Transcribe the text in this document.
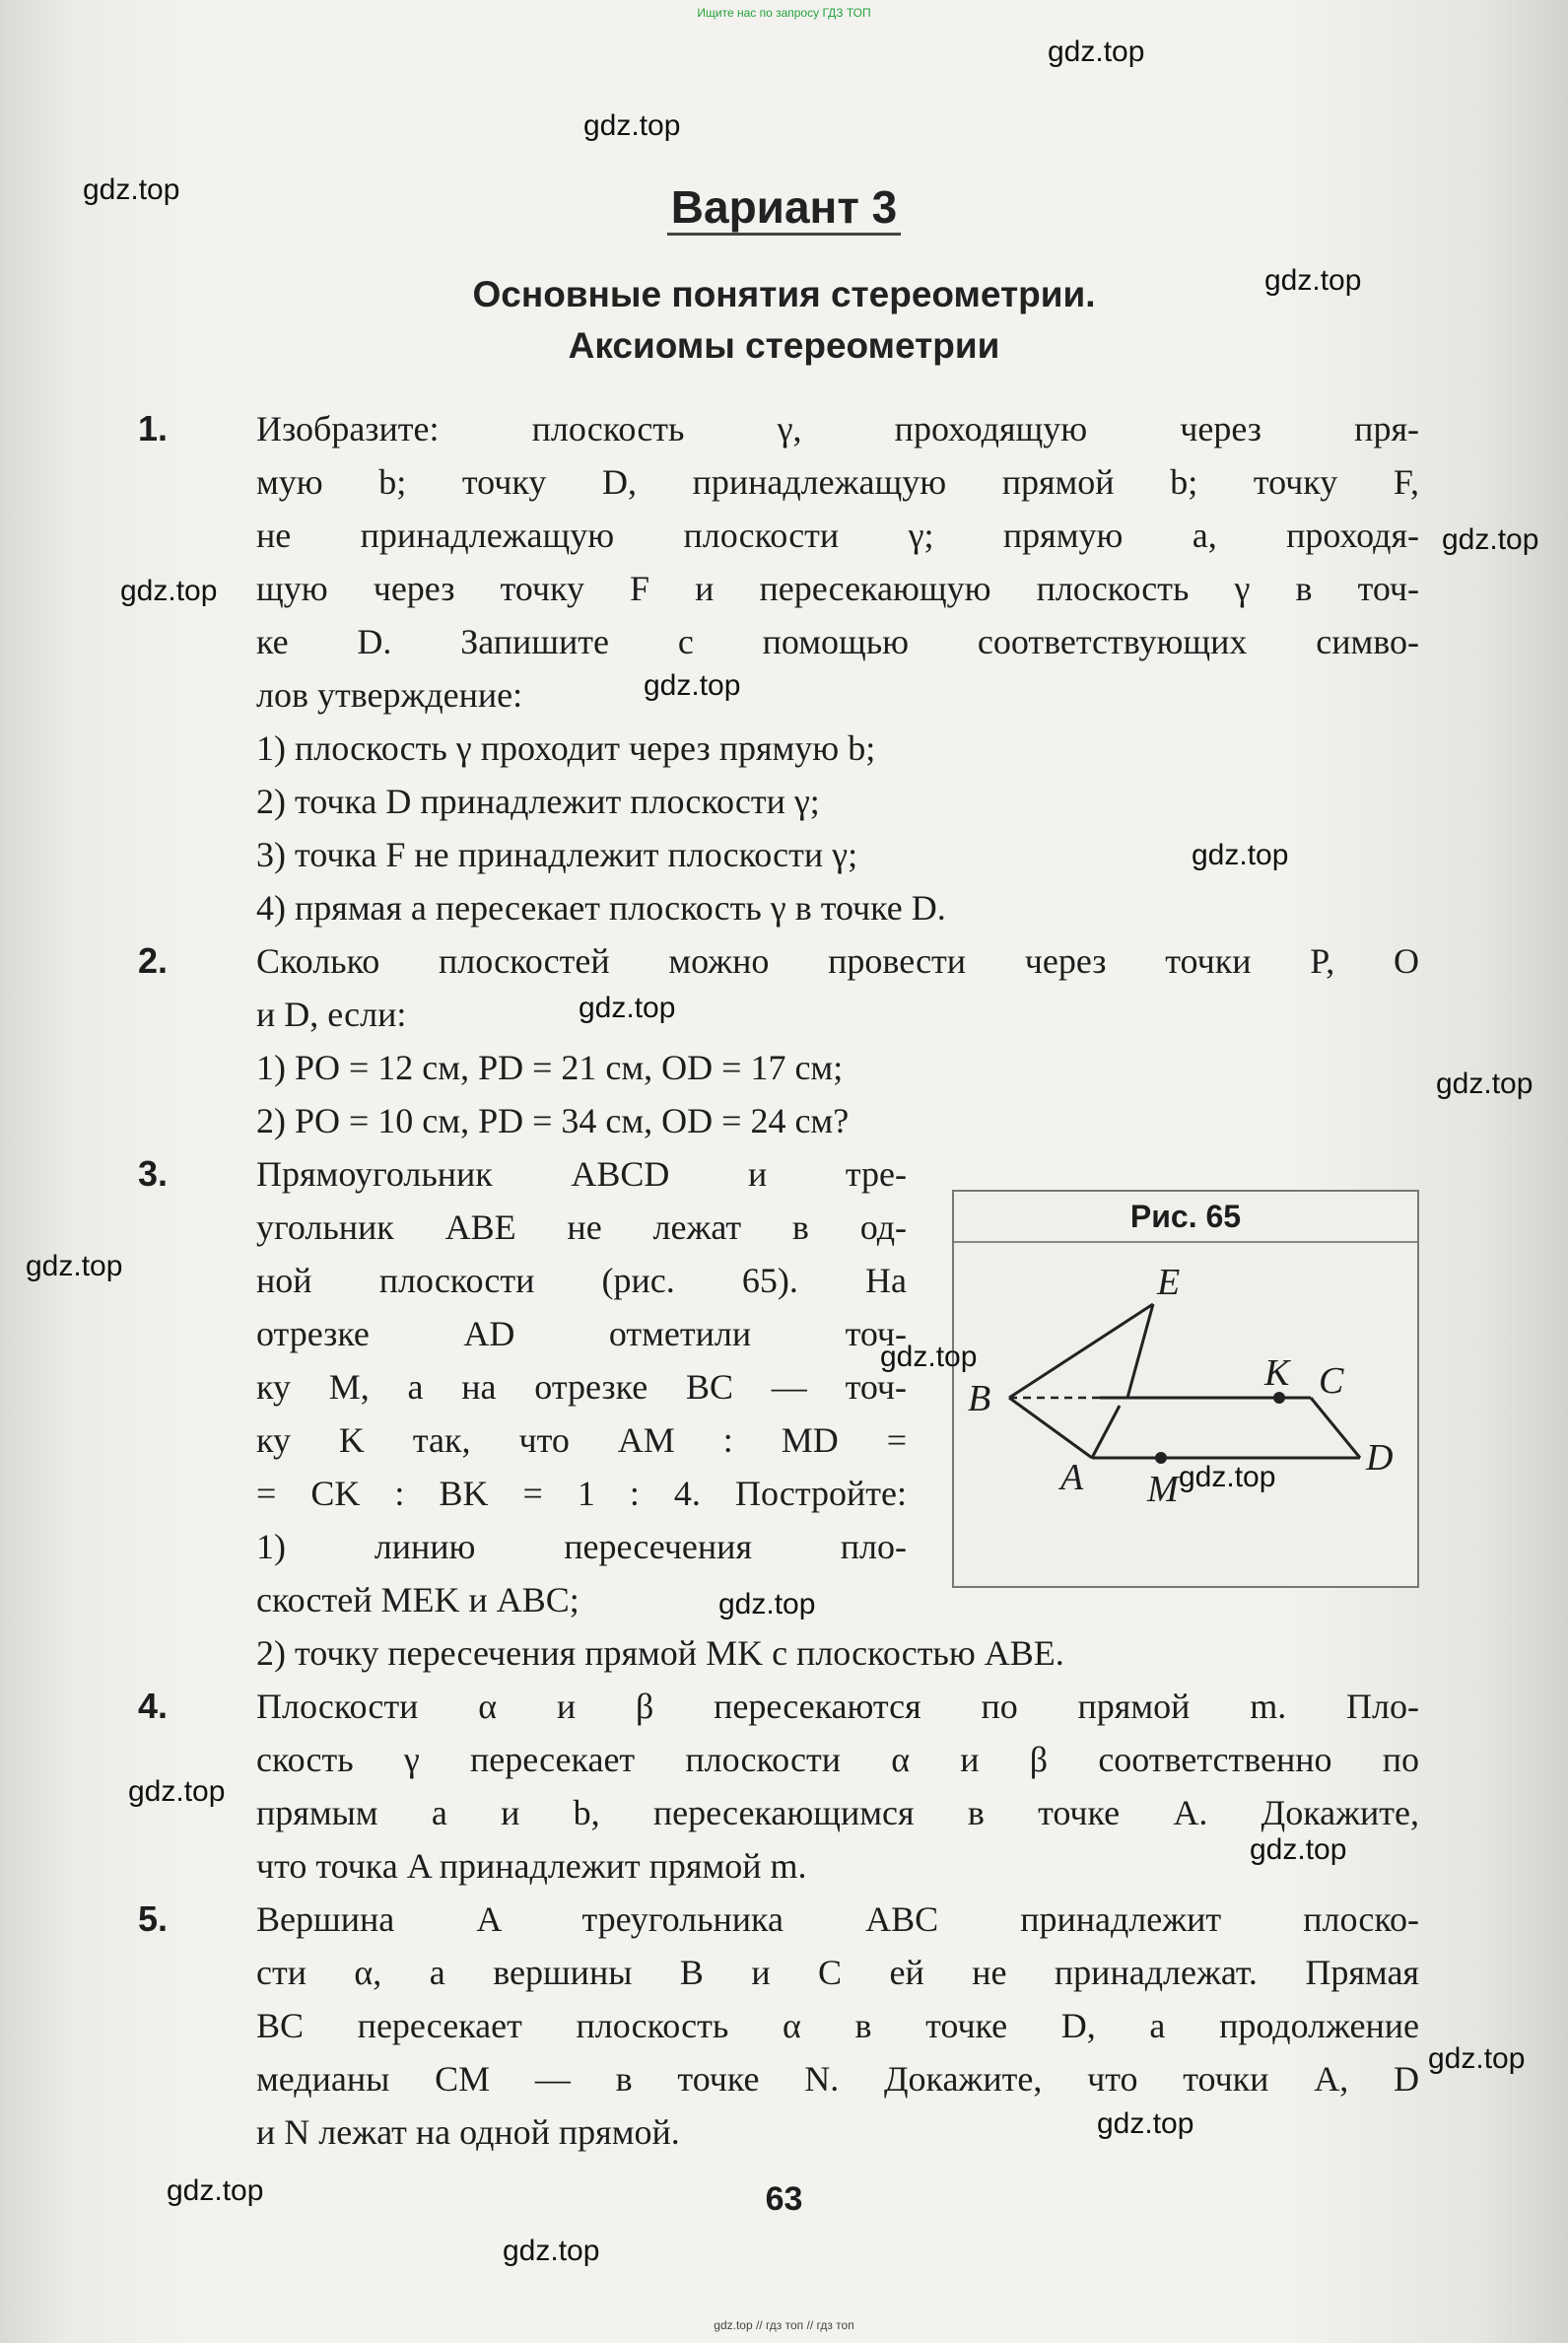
Ищите нас по запросу ГДЗ ТОП
Вариант 3
Основные понятия стереометрии.
Аксиомы стереометрии
1. Изобразите: плоскость γ, проходящую через пря-
мую b; точку D, принадлежащую прямой b; точку F,
не принадлежащую плоскости γ; прямую a, проходя-
щую через точку F и пересекающую плоскость γ в точ-
ке D. Запишите с помощью соответствующих симво-
лов утверждение:
1) плоскость γ проходит через прямую b;
2) точка D принадлежит плоскости γ;
3) точка F не принадлежит плоскости γ;
4) прямая a пересекает плоскость γ в точке D.
2. Сколько плоскостей можно провести через точки P, O
и D, если:
1) PO = 12 см, PD = 21 см, OD = 17 см;
2) PO = 10 см, PD = 34 см, OD = 24 см?
3. Прямоугольник ABCD и тре-
угольник ABE не лежат в од-
ной плоскости (рис. 65). На
отрезке AD отметили точ-
ку M, а на отрезке BC — точ-
ку K так, что AM : MD =
= CK : BK = 1 : 4. Постройте:
1) линию пересечения пло-
скостей MEK и ABC;
2) точку пересечения прямой MK с плоскостью ABE.
4. Плоскости α и β пересекаются по прямой m. Пло-
скость γ пересекает плоскости α и β соответственно по
прямым a и b, пересекающимся в точке A. Докажите,
что точка A принадлежит прямой m.
5. Вершина A треугольника ABC принадлежит плоско-
сти α, а вершины B и C ей не принадлежат. Прямая
BC пересекает плоскость α в точке D, а продолжение
медианы CM — в точке N. Докажите, что точки A, D
и N лежат на одной прямой.
Рис. 65
B
E
K C
D
A M
63
gdz.top
gdz.top
gdz.top
gdz.top
gdz.top
gdz.top
gdz.top
gdz.top
gdz.top
gdz.top
gdz.top
gdz.top
gdz.top
gdz.top
gdz.top
gdz.top
gdz.top
gdz.top
gdz.top
gdz.top
gdz.top // гдз топ // гдз топ
